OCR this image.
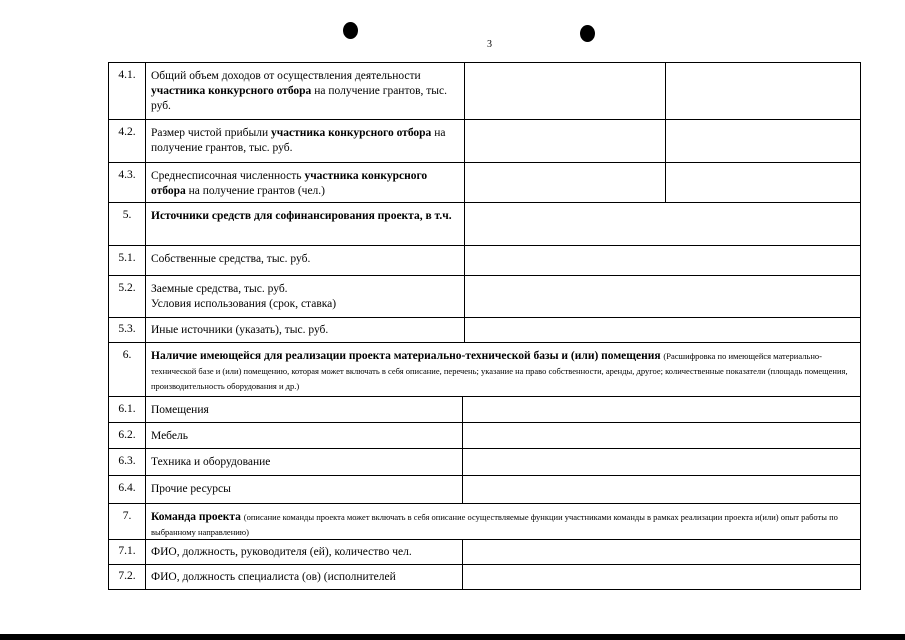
3
4.1.	Общий объем доходов от осуществления деятельности участника конкурсного отбора на получение грантов, тыс. руб.
4.2.	Размер чистой прибыли участника конкурсного отбора на получение грантов, тыс. руб.
4.3.	Среднесписочная численность участника конкурсного отбора на получение грантов (чел.)
5.	Источники средств для софинансирования проекта, в т.ч.
5.1.	Собственные средства, тыс. руб.
5.2.	Заемные средства, тыс. руб.
Условия использования (срок, ставка)
5.3.	Иные источники (указать), тыс. руб.
6.	Наличие имеющейся для реализации проекта материально-технической базы и (или) помещения (Расшифровка по имеющейся материально-технической базе и (или) помещению, которая может включать в себя описание, перечень; указание на право собственности, аренды, другое; количественные показатели (площадь помещения, производительность оборудования и др.)
6.1.	Помещения
6.2.	Мебель
6.3.	Техника и оборудование
6.4.	Прочие ресурсы
7.	Команда проекта (описание команды проекта может включать в себя описание осуществляемые функции участниками команды в рамках реализации проекта и(или) опыт работы по выбранному направлению)
7.1.	ФИО, должность, руководителя (ей), количество чел.
7.2.	ФИО, должность специалиста (ов) (исполнителей
